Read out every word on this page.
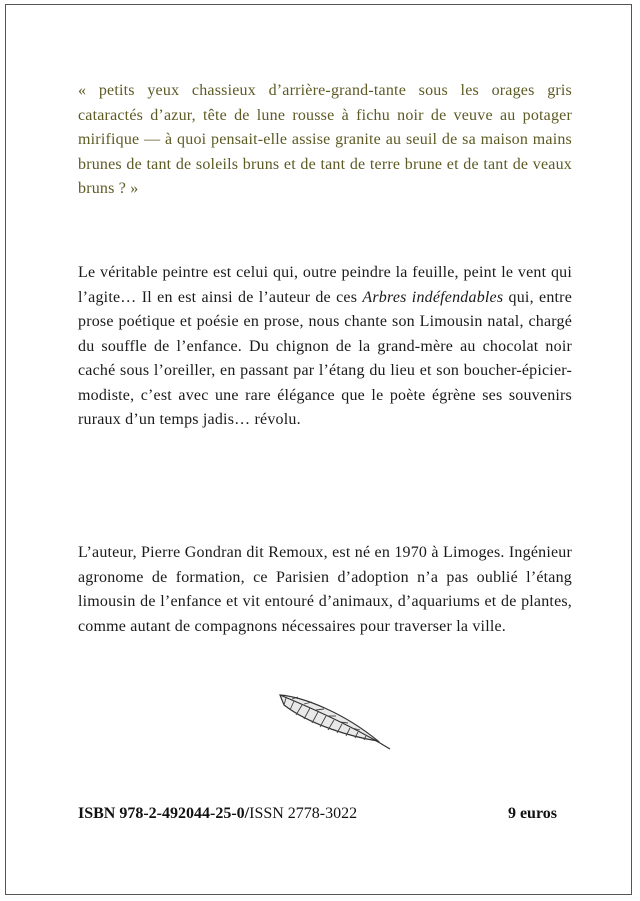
« petits yeux chassieux d’arrière-grand-tante sous les orages gris cataractés d’azur, tête de lune rousse à fichu noir de veuve au potager mirifique — à quoi pensait-elle assise granite au seuil de sa maison mains brunes de tant de soleils bruns et de tant de terre brune et de tant de veaux bruns ? »
Le véritable peintre est celui qui, outre peindre la feuille, peint le vent qui l’agite… Il en est ainsi de l’auteur de ces Arbres indéfendables qui, entre prose poétique et poésie en prose, nous chante son Limousin natal, chargé du souffle de l’enfance. Du chignon de la grand-mère au chocolat noir caché sous l’oreiller, en passant par l’étang du lieu et son boucher-épicier-modiste, c’est avec une rare élégance que le poète égrène ses souvenirs ruraux d’un temps jadis… révolu.
L’auteur, Pierre Gondran dit Remoux, est né en 1970 à Limoges. Ingénieur agronome de formation, ce Parisien d’adoption n’a pas oublié l’étang limousin de l’enfance et vit entouré d’animaux, d’aquariums et de plantes, comme autant de compagnons nécessaires pour traverser la ville.
ISBN 978-2-492044-25-0/ISSN 2778-3022	9 euros
